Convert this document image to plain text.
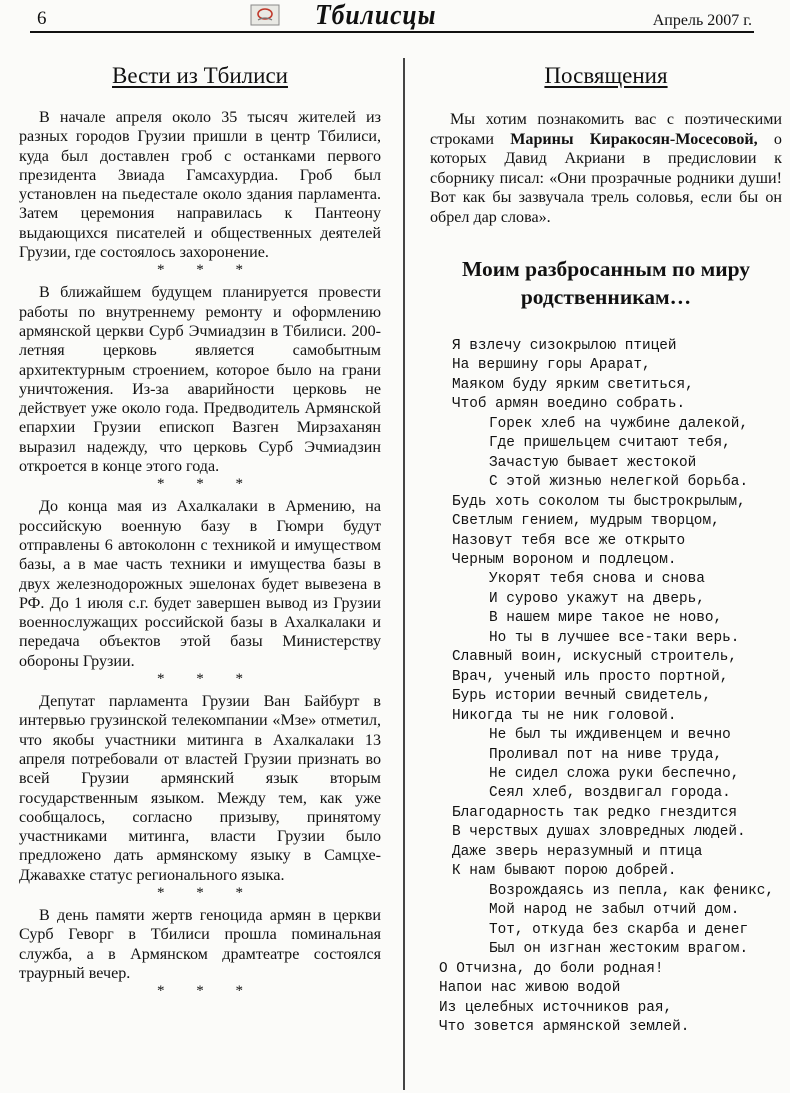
6	Тбилисцы	Апрель 2007 г.
Вести из Тбилиси

В начале апреля около 35 тысяч жителей из разных городов Грузии пришли в центр Тбилиси, куда был доставлен гроб с останками первого президента Звиада Гамсахурдиа. Гроб был установлен на пьедестале около здания парламента. Затем церемония направилась к Пантеону выдающихся писателей и общественных деятелей Грузии, где состоялось захоронение.

* * *

В ближайшем будущем планируется провести работы по внутреннему ремонту и оформлению армянской церкви Сурб Эчмиадзин в Тбилиси. 200-летняя церковь является самобытным архитектурным строением, которое было на грани уничтожения. Из-за аварийности церковь не действует уже около года. Предводитель Армянской епархии Грузии епископ Вазген Мирзаханян выразил надежду, что церковь Сурб Эчмиадзин откроется в конце этого года.

* * *

До конца мая из Ахалкалаки в Армению, на российскую военную базу в Гюмри будут отправлены 6 автоколонн с техникой и имуществом базы, а в мае часть техники и имущества базы в двух железнодорожных эшелонах будет вывезена в РФ. До 1 июля с.г. будет завершен вывод из Грузии военнослужащих российской базы в Ахалкалаки и передача объектов этой базы Министерству обороны Грузии.

* * *

Депутат парламента Грузии Ван Байбурт в интервью грузинской телекомпании «Мзе» отметил, что якобы участники митинга в Ахалкалаки 13 апреля потребовали от властей Грузии признать во всей Грузии армянский язык вторым государственным языком. Между тем, как уже сообщалось, согласно призыву, принятому участниками митинга, власти Грузии было предложено дать армянскому языку в Самцхе-Джавахке статус регионального языка.

* * *

В день памяти жертв геноцида армян в церкви Сурб Геворг в Тбилиси прошла поминальная служба, а в Армянском драмтеатре состоялся траурный вечер.

* * *
Посвящения

Мы хотим познакомить вас с поэтическими строками Марины Киракосян-Мосесовой, о которых Давид Акриани в предисловии к сборнику писал: «Они прозрачные родники души! Вот как бы зазвучала трель соловья, если бы он обрел дар слова».

Моим разбросанным по миру родственникам…
Я взлечу сизокрылою птицей
На вершину горы Арарат,
Маяком буду ярким светиться,
Чтоб армян воедино собрать.
Горек хлеб на чужбине далекой,
Где пришельцем считают тебя,
Зачастую бывает жестокой
С этой жизнью нелегкой борьба.
Будь хоть соколом ты быстрокрылым,
Светлым гением, мудрым творцом,
Назовут тебя все же открыто
Черным вороном и подлецом.
Укорят тебя снова и снова
И сурово укажут на дверь,
В нашем мире такое не ново,
Но ты в лучшее все-таки верь.
Славный воин, искусный строитель,
Врач, ученый иль просто портной,
Бурь истории вечный свидетель,
Никогда ты не ник головой.
Не был ты иждивенцем и вечно
Проливал пот на ниве труда,
Не сидел сложа руки беспечно,
Сеял хлеб, воздвигал города.
Благодарность так редко гнездится
В черствых душах зловредных людей.
Даже зверь неразумный и птица
К нам бывают порою добрей.
Возрождаясь из пепла, как феникс,
Мой народ не забыл отчий дом.
Тот, откуда без скарба и денег
Был он изгнан жестоким врагом.
О Отчизна, до боли родная!
Напои нас живою водой
Из целебных источников рая,
Что зовется армянской землей.
